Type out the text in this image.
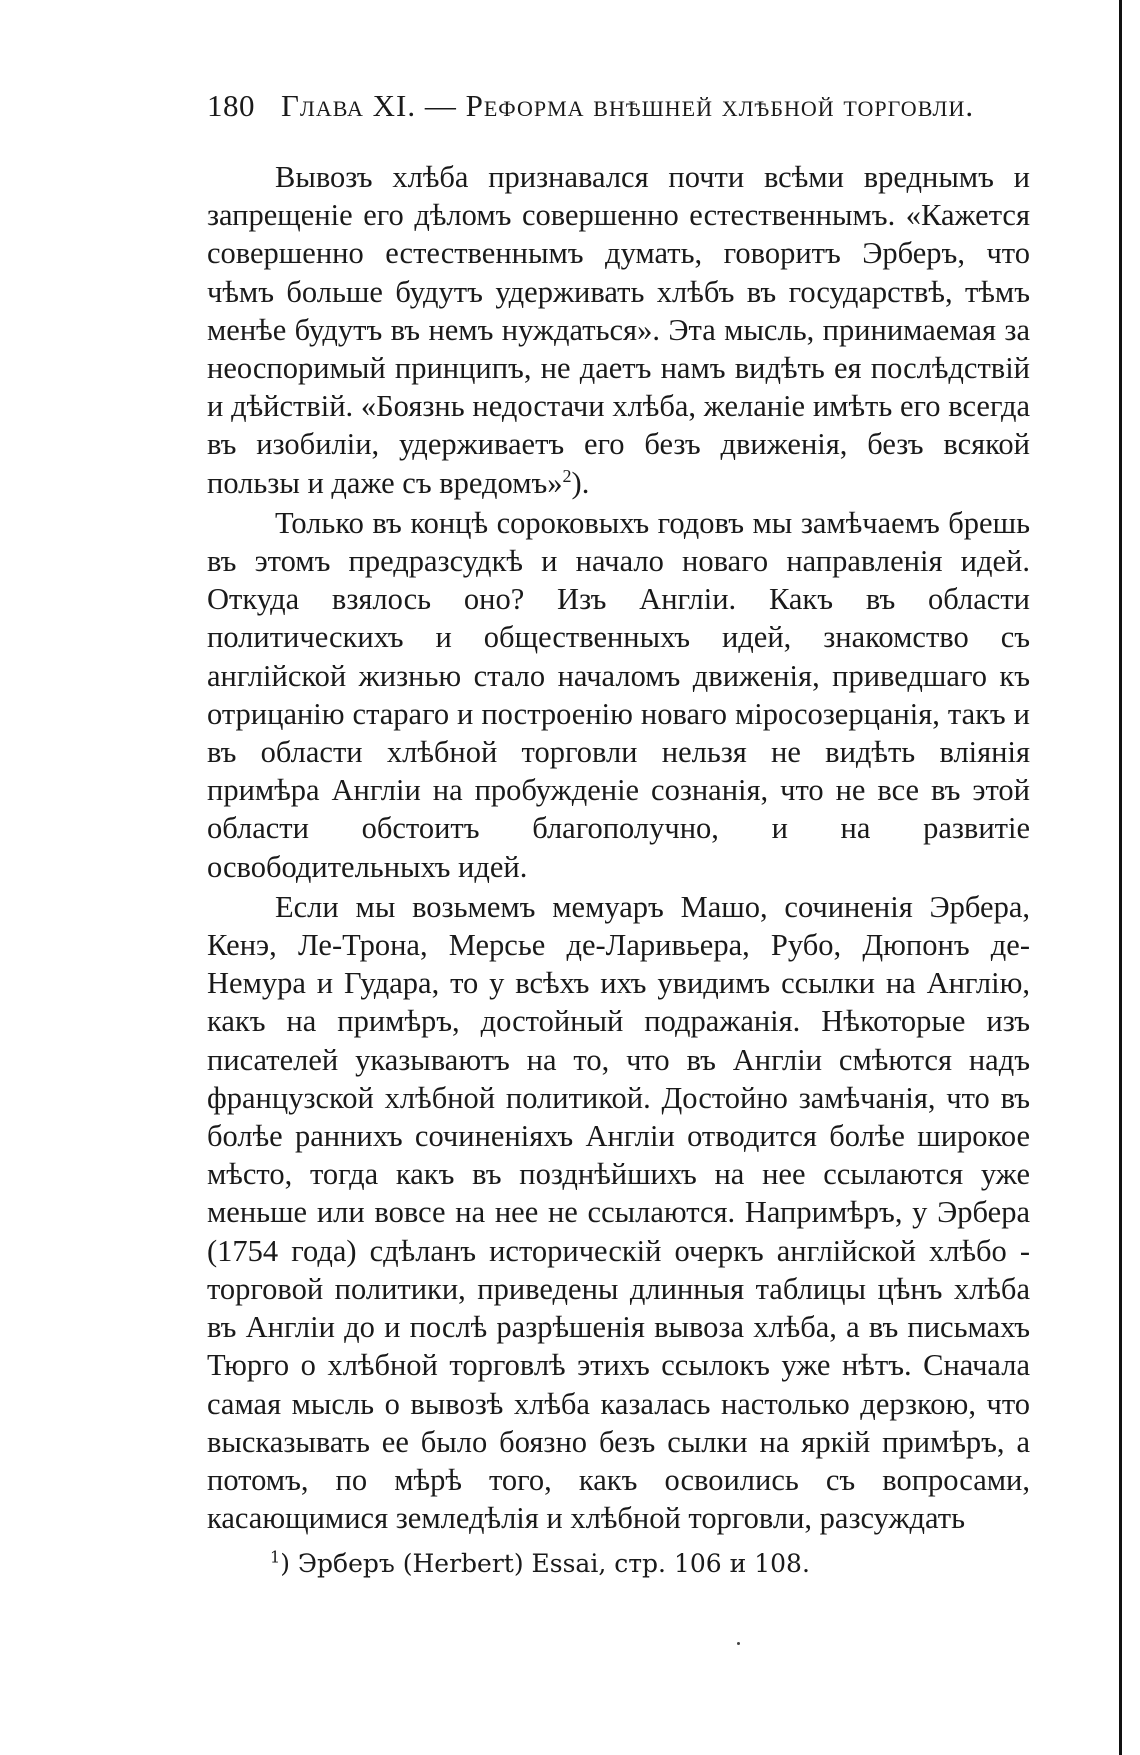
180 Глава XI. — Реформа внѣшней хлѣбной торговли.

Вывозъ хлѣба признавался почти всѣми вреднымъ и запрещеніе его дѣломъ совершенно естественнымъ. «Кажется совершенно естественнымъ думать, говоритъ Эрберъ, что чѣмъ больше будутъ удерживать хлѣбъ въ государствѣ, тѣмъ менѣе будутъ въ немъ нуждаться». Эта мысль, принимаемая за неоспоримый принципъ, не даетъ намъ видѣть ея послѣдствій и дѣйствій. «Боязнь недостачи хлѣба, желаніе имѣть его всегда въ изобиліи, удерживаетъ его безъ движенія, безъ всякой пользы и даже съ вредомъ»$^2$).

Только въ концѣ сороковыхъ годовъ мы замѣчаемъ брешь въ этомъ предразсудкѣ и начало новаго направленія идей. Откуда взялось оно? Изъ Англіи. Какъ въ области политическихъ и общественныхъ идей, знакомство съ англійской жизнью стало началомъ движенія, приведшаго къ отрицанію стараго и построенію новаго міросозерцанія, такъ и въ области хлѣбной торговли нельзя не видѣть вліянія примѣра Англіи на пробужденіе сознанія, что не все въ этой области обстоитъ благополучно, и на развитіе освободительныхъ идей.

Если мы возьмемъ мемуаръ Машо, сочиненія Эрбера, Кенэ, Ле-Трона, Мерсье де-Ларивьера, Рубо, Дюпонъ де-Немура и Гудара, то у всѣхъ ихъ увидимъ ссылки на Англію, какъ на примѣръ, достойный подражанія. Нѣкоторые изъ писателей указываютъ на то, что въ Англіи смѣются надъ французской хлѣбной политикой. Достойно замѣчанія, что въ болѣе раннихъ сочиненіяхъ Англіи отводится болѣе широкое мѣсто, тогда какъ въ позднѣйшихъ на нее ссылаются уже меньше или вовсе на нее не ссылаются. Напримѣръ, у Эрбера (1754 года) сдѣланъ историческій очеркъ англійской хлѣбо - торговой политики, приведены длинныя таблицы цѣнъ хлѣба въ Англіи до и послѣ разрѣшенія вывоза хлѣба, а въ письмахъ Тюрго о хлѣбной торговлѣ этихъ ссылокъ уже нѣтъ. Сначала самая мысль о вывозѣ хлѣба казалась настолько дерзкою, что высказывать ее было боязно безъ сылки на яркій примѣръ, а потомъ, по мѣрѣ того, какъ освоились съ вопросами, касающимися земледѣлія и хлѣбной торговли, разсуждать

$^1$) Эрберъ (Herbert) Essai, стр. 106 и 108.
